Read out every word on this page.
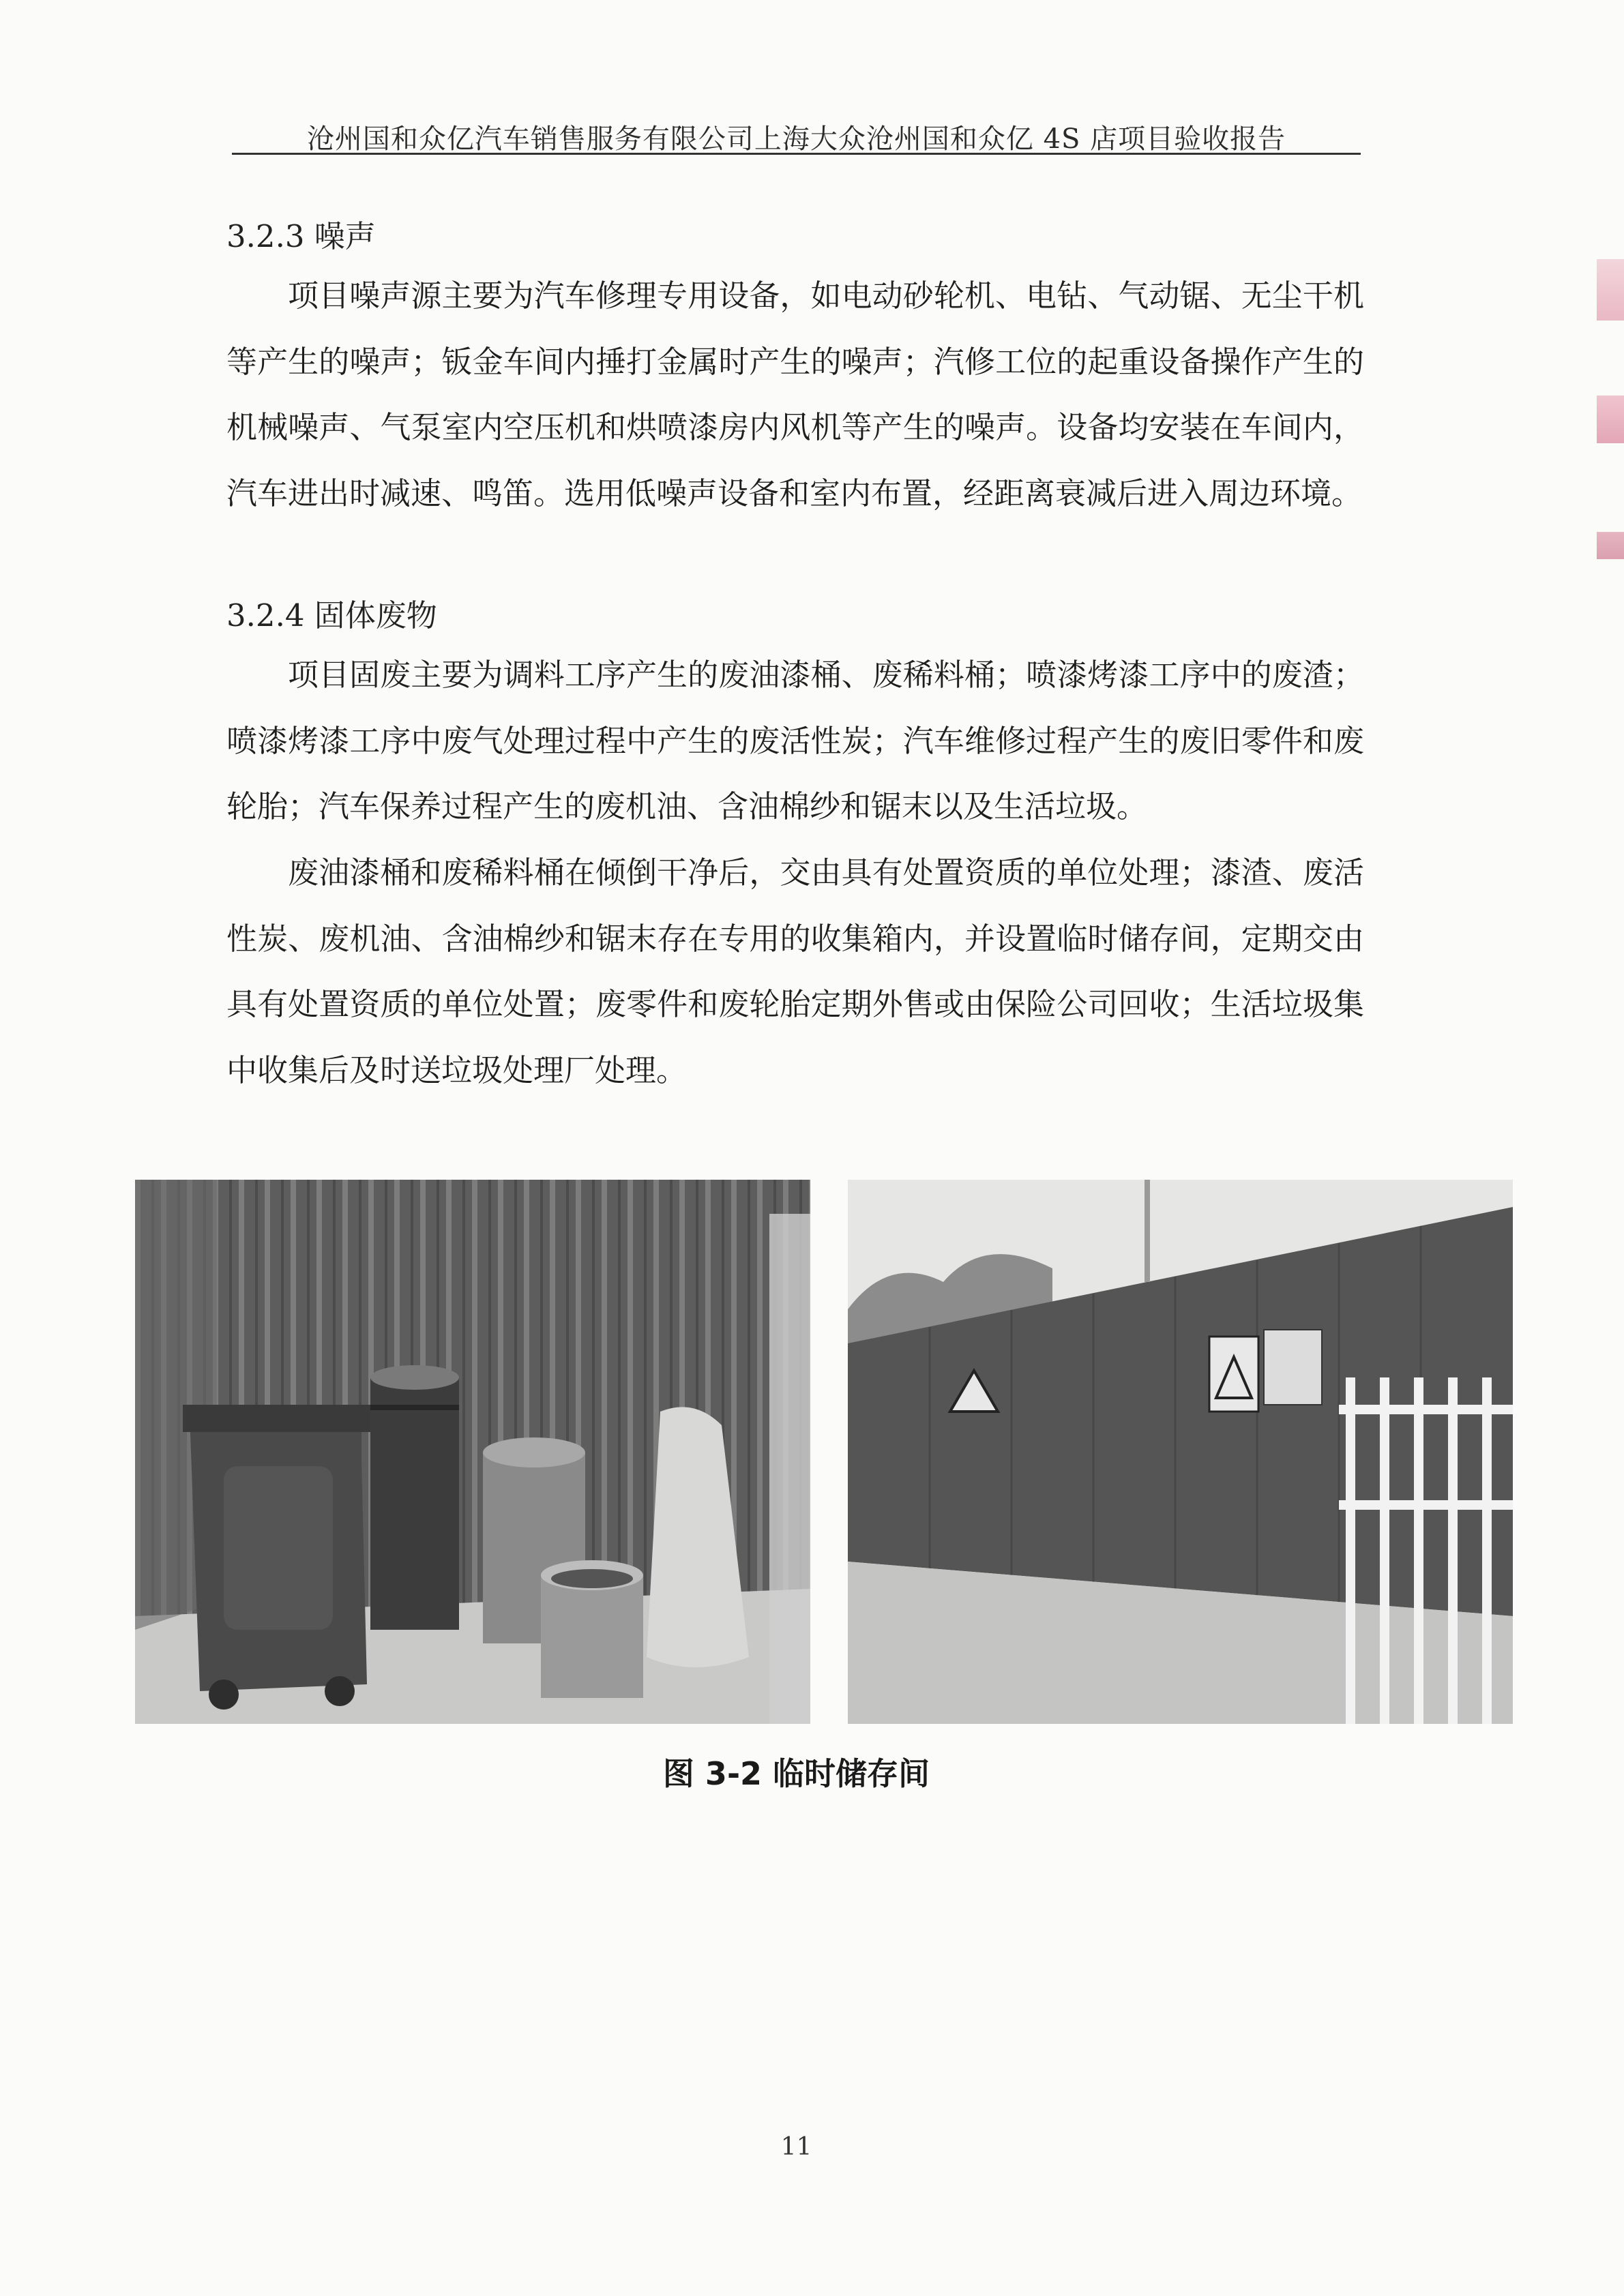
沧州国和众亿汽车销售服务有限公司上海大众沧州国和众亿 4S 店项目验收报告
3.2.3 噪声
项目噪声源主要为汽车修理专用设备，如电动砂轮机、电钻、气动锯、无尘干机等产生的噪声；钣金车间内捶打金属时产生的噪声；汽修工位的起重设备操作产生的机械噪声、气泵室内空压机和烘喷漆房内风机等产生的噪声。设备均安装在车间内，汽车进出时减速、鸣笛。选用低噪声设备和室内布置，经距离衰减后进入周边环境。
3.2.4 固体废物
项目固废主要为调料工序产生的废油漆桶、废稀料桶；喷漆烤漆工序中的废渣；喷漆烤漆工序中废气处理过程中产生的废活性炭；汽车维修过程产生的废旧零件和废轮胎；汽车保养过程产生的废机油、含油棉纱和锯末以及生活垃圾。
废油漆桶和废稀料桶在倾倒干净后，交由具有处置资质的单位处理；漆渣、废活性炭、废机油、含油棉纱和锯末存在专用的收集箱内，并设置临时储存间，定期交由具有处置资质的单位处置；废零件和废轮胎定期外售或由保险公司回收；生活垃圾集中收集后及时送垃圾处理厂处理。
图 3-2 临时储存间
11
